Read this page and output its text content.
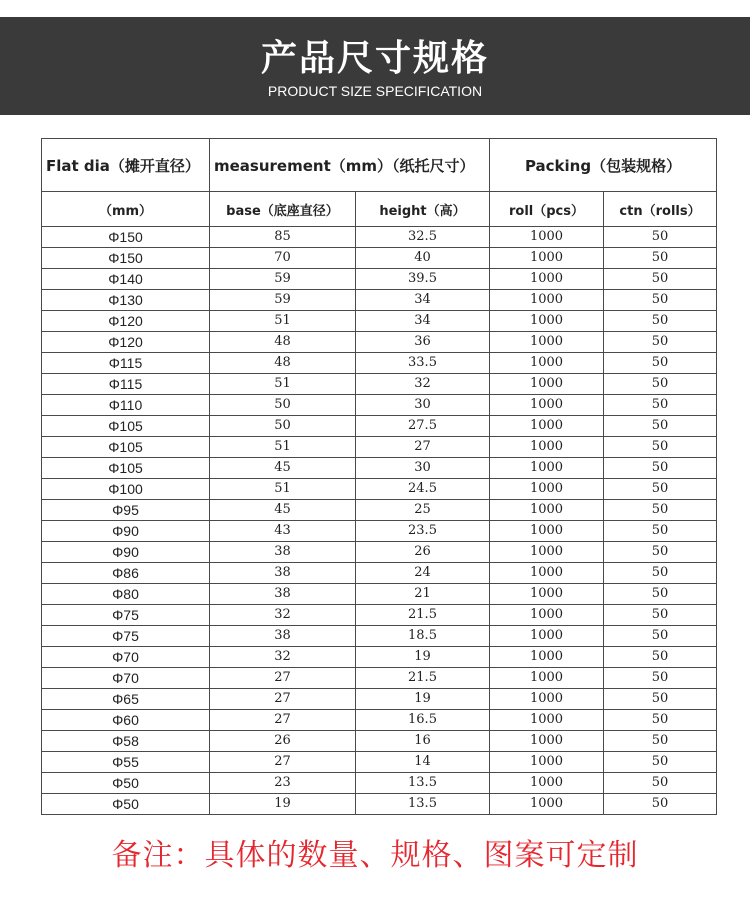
产品尺寸规格
PRODUCT SIZE SPECIFICATION
Flat dia（摊开直径）	measurement（mm）（纸托尺寸）		Packing（包装规格）	
（mm）	base（底座直径）	height（高）	roll（pcs）	ctn（rolls）
Φ150	85	32.5	1000	50
Φ150	70	40	1000	50
Φ140	59	39.5	1000	50
Φ130	59	34	1000	50
Φ120	51	34	1000	50
Φ120	48	36	1000	50
Φ115	48	33.5	1000	50
Φ115	51	32	1000	50
Φ110	50	30	1000	50
Φ105	50	27.5	1000	50
Φ105	51	27	1000	50
Φ105	45	30	1000	50
Φ100	51	24.5	1000	50
Φ95	45	25	1000	50
Φ90	43	23.5	1000	50
Φ90	38	26	1000	50
Φ86	38	24	1000	50
Φ80	38	21	1000	50
Φ75	32	21.5	1000	50
Φ75	38	18.5	1000	50
Φ70	32	19	1000	50
Φ70	27	21.5	1000	50
Φ65	27	19	1000	50
Φ60	27	16.5	1000	50
Φ58	26	16	1000	50
Φ55	27	14	1000	50
Φ50	23	13.5	1000	50
Φ50	19	13.5	1000	50
备注：具体的数量、规格、图案可定制
